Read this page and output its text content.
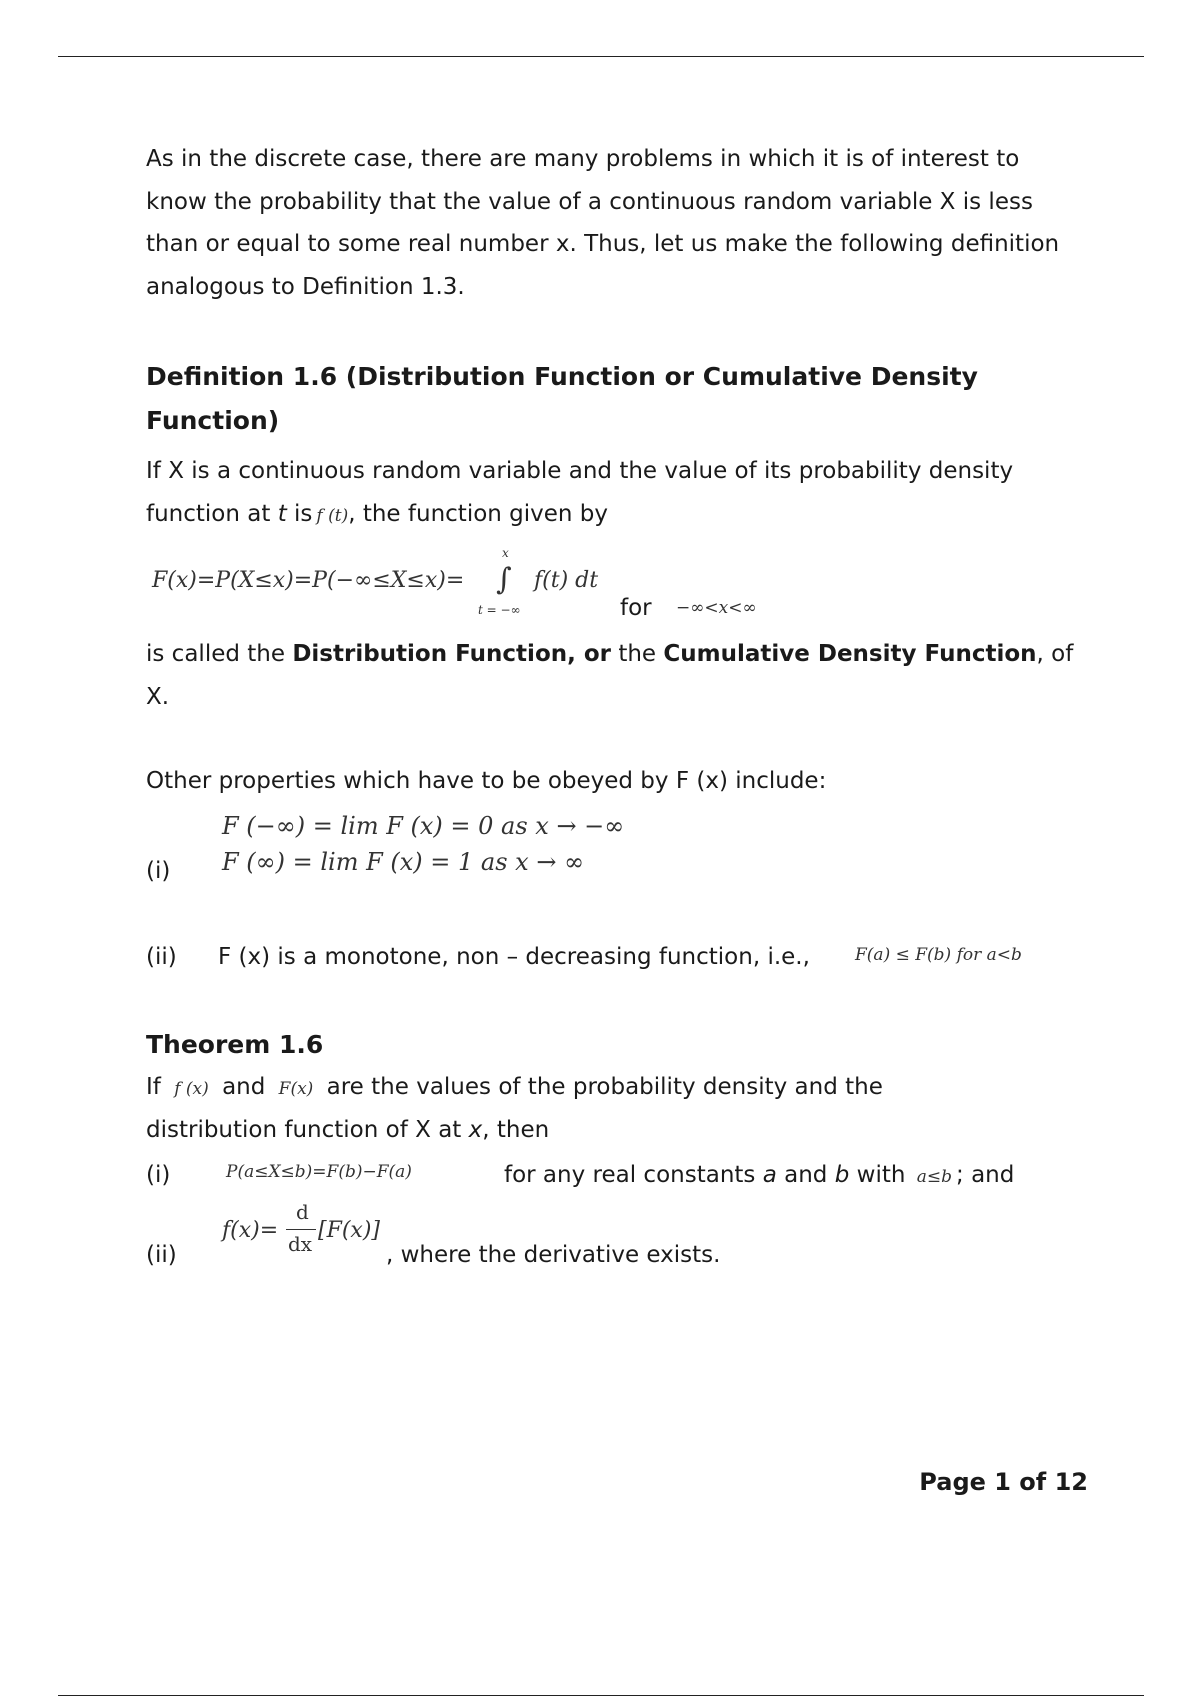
As in the discrete case, there are many problems in which it is of interest to know the probability that the value of a continuous random variable X is less than or equal to some real number x. Thus, let us make the following definition analogous to Definition 1.3.
Definition 1.6 (Distribution Function or Cumulative Density Function)
If X is a continuous random variable and the value of its probability density function at t is f (t), the function given by
F(x)=P(X≤x)=P(−∞≤X≤x)=
x
∫
t = −∞
f(t) dt
for −∞<x<∞
is called the Distribution Function, or the Cumulative Density Function, of X.
Other properties which have to be obeyed by F (x) include:
F (−∞) = lim F (x) = 0 as x → −∞
(i) F (∞) = lim F (x) = 1 as x → ∞
(ii) F (x) is a monotone, non – decreasing function, i.e.,	F(a) ≤ F(b) for a<b
Theorem 1.6
If f (x) and F(x) are the values of the probability density and the
distribution function of X at x, then
(i)	P(a≤X≤b)=F(b)−F(a)	for any real constants a and b with a≤b ; and
(ii)
f(x)=
d
dx
[F(x)]
, where the derivative exists.
Page 1 of 12
